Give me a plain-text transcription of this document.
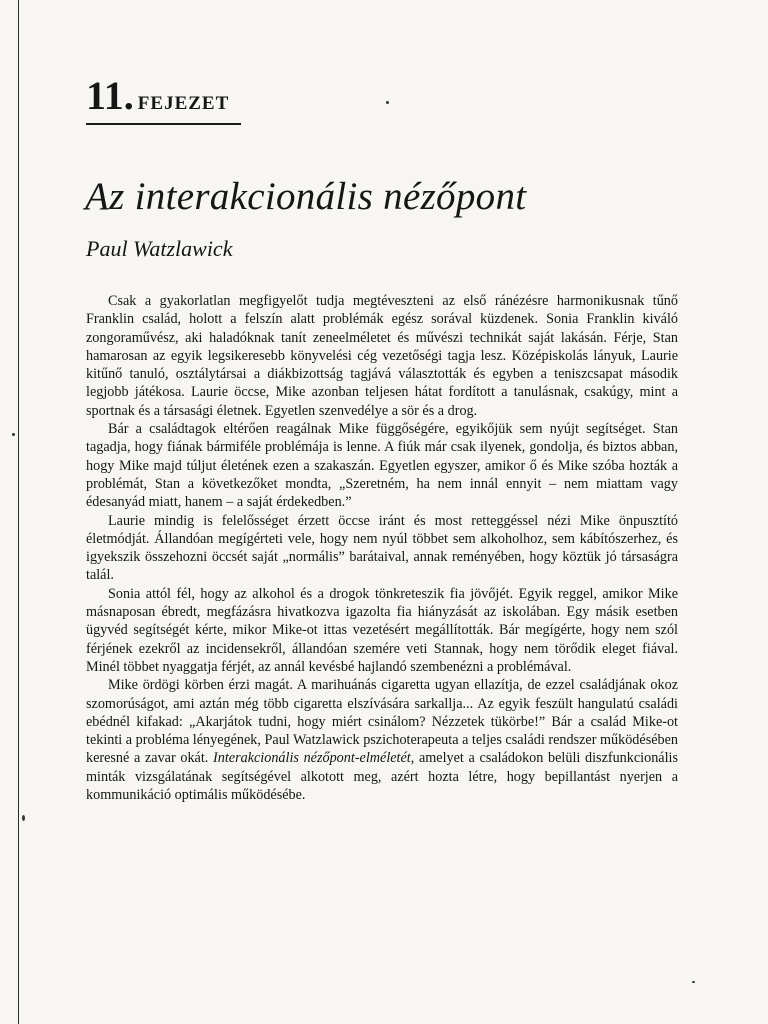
11. FEJEZET
Az interakcionális nézőpont
Paul Watzlawick

Csak a gyakorlatlan megfigyelőt tudja megtéveszteni az első ránézésre harmonikusnak tűnő Franklin család, holott a felszín alatt problémák egész sorával küzdenek. Sonia Franklin kiváló zongoraművész, aki haladóknak tanít zeneelméletet és művészi technikát saját lakásán. Férje, Stan hamarosan az egyik legsikeresebb könyvelési cég vezetőségi tagja lesz. Középiskolás lányuk, Laurie kitűnő tanuló, osztálytársai a diákbizottság tagjává választották és egyben a teniszcsapat második legjobb játékosa. Laurie öccse, Mike azonban teljesen hátat fordított a tanulásnak, csakúgy, mint a sportnak és a társasági életnek. Egyetlen szenvedélye a sör és a drog.

Bár a családtagok eltérően reagálnak Mike függőségére, egyikőjük sem nyújt segítséget. Stan tagadja, hogy fiának bármiféle problémája is lenne. A fiúk már csak ilyenek, gondolja, és biztos abban, hogy Mike majd túljut életének ezen a szakaszán. Egyetlen egyszer, amikor ő és Mike szóba hozták a problémát, Stan a következőket mondta, „Szeretném, ha nem innál ennyit – nem miattam vagy édesanyád miatt, hanem – a saját érdekedben.”

Laurie mindig is felelősséget érzett öccse iránt és most retteggéssel nézi Mike önpusztító életmódját. Állandóan megígérteti vele, hogy nem nyúl többet sem alkoholhoz, sem kábítószerhez, és igyekszik összehozni öccsét saját „normális” barátaival, annak reményében, hogy köztük jó társaságra talál.

Sonia attól fél, hogy az alkohol és a drogok tönkreteszik fia jövőjét. Egyik reggel, amikor Mike másnaposan ébredt, megfázásra hivatkozva igazolta fia hiányzását az iskolában. Egy másik esetben ügyvéd segítségét kérte, mikor Mike-ot ittas vezetésért megállították. Bár megígérte, hogy nem szól férjének ezekről az incidensekről, állandóan szemére veti Stannak, hogy nem törődik eleget fiával. Minél többet nyaggatja férjét, az annál kevésbé hajlandó szembenézni a problémával.

Mike ördögi körben érzi magát. A marihuánás cigaretta ugyan ellazítja, de ezzel családjának okoz szomorúságot, ami aztán még több cigaretta elszívására sarkallja... Az egyik feszült hangulatú családi ebédnél kifakad: „Akarjátok tudni, hogy miért csinálom? Nézzetek tükörbe!” Bár a család Mike-ot tekinti a probléma lényegének, Paul Watzlawick pszichoterapeuta a teljes családi rendszer működésében keresné a zavar okát. Interakcionális nézőpont-elméletét, amelyet a családokon belüli diszfunkcionális minták vizsgálatának segítségével alkotott meg, azért hozta létre, hogy bepillantást nyerjen a kommunikáció optimális működésébe.
